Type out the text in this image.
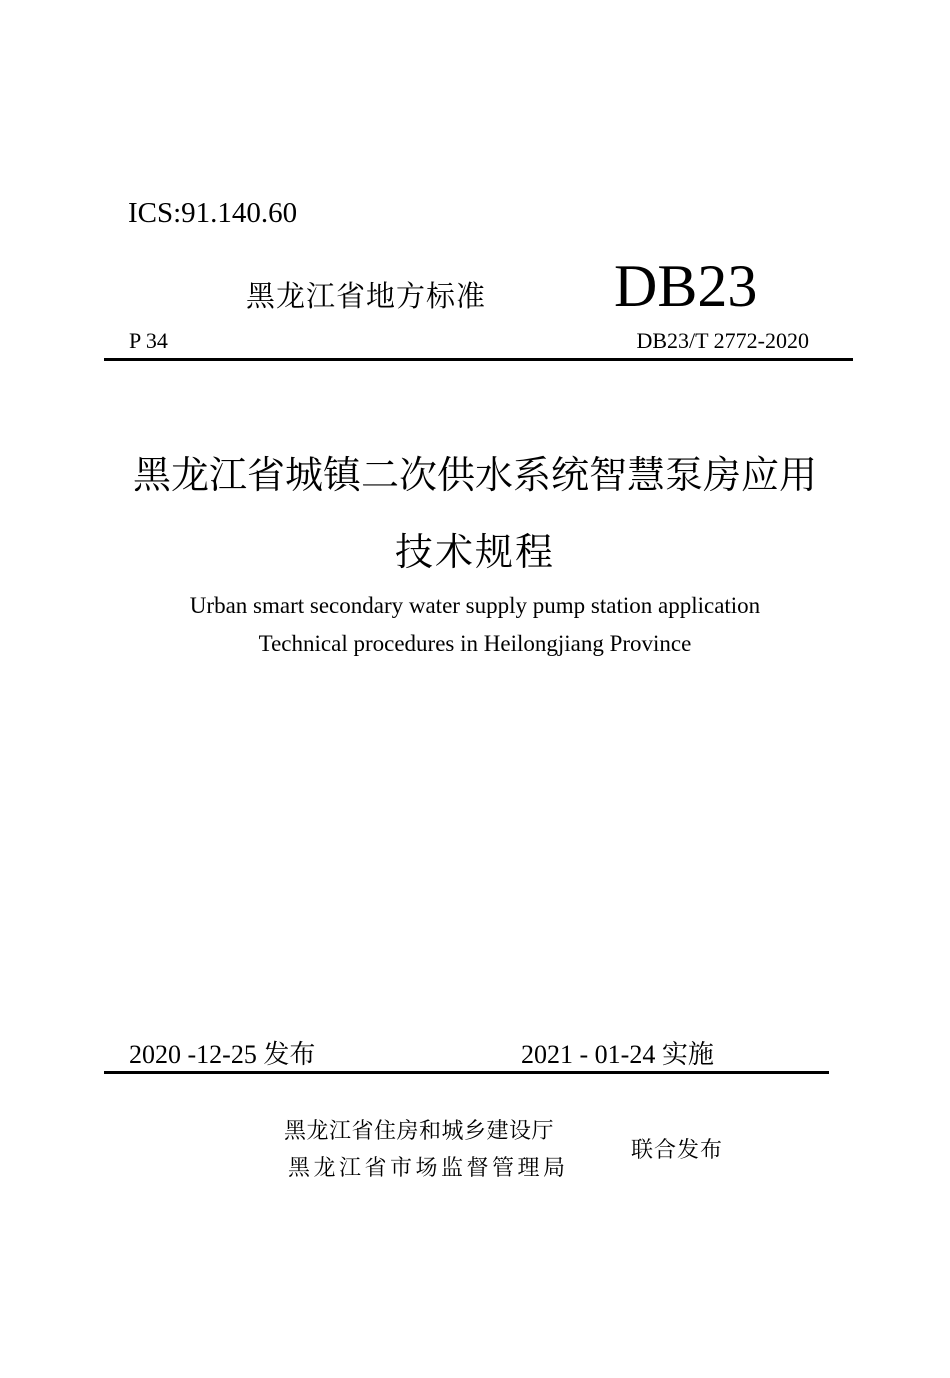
ICS:91.140.60
黑龙江省地方标准 DB23
P 34	DB23/T 2772-2020
黑龙江省城镇二次供水系统智慧泵房应用
技术规程
Urban smart secondary water supply pump station application
Technical procedures in Heilongjiang Province
2020 -12-25 发布	2021 - 01-24 实施
黑龙江省住房和城乡建设厅
黑龙江省市场监督管理局
联合发布
